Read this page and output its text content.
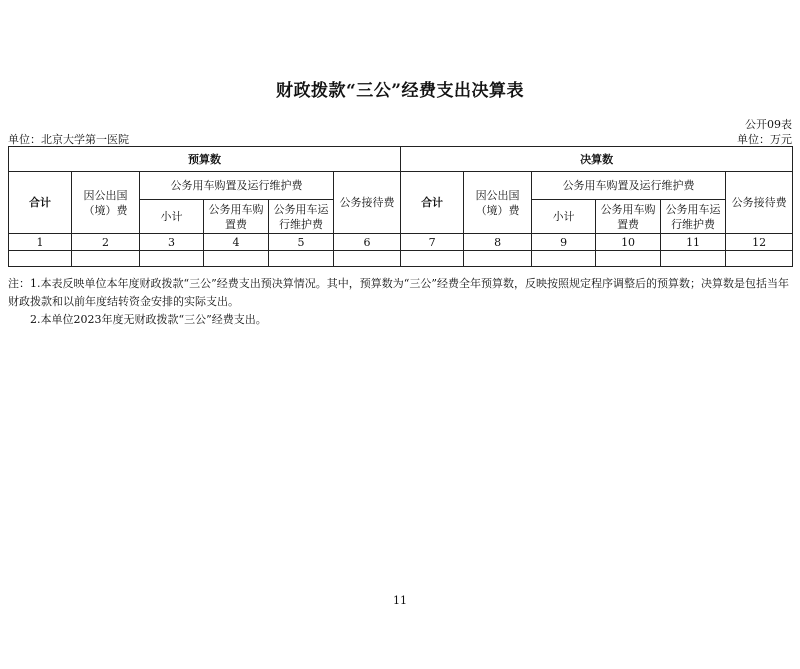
财政拨款“三公”经费支出决算表
公开09表
单位：北京大学第一医院	单位：万元
预算数						决算数					
合计	因公出国（境）费	公务用车购置及运行维护费			公务接待费	合计	因公出国（境）费	公务用车购置及运行维护费			公务接待费
		小计	公务用车购置费	公务用车运行维护费				小计	公务用车购置费	公务用车运行维护费	
1	2	3	4	5	6	7	8	9	10	11	12

注：1.本表反映单位本年度财政拨款“三公”经费支出预决算情况。其中，预算数为“三公”经费全年预算数，反映按照规定程序调整后的预算数；决算数是包括当年财政拨款和以前年度结转资金安排的实际支出。

2.本单位2023年度无财政拨款“三公”经费支出。

11
